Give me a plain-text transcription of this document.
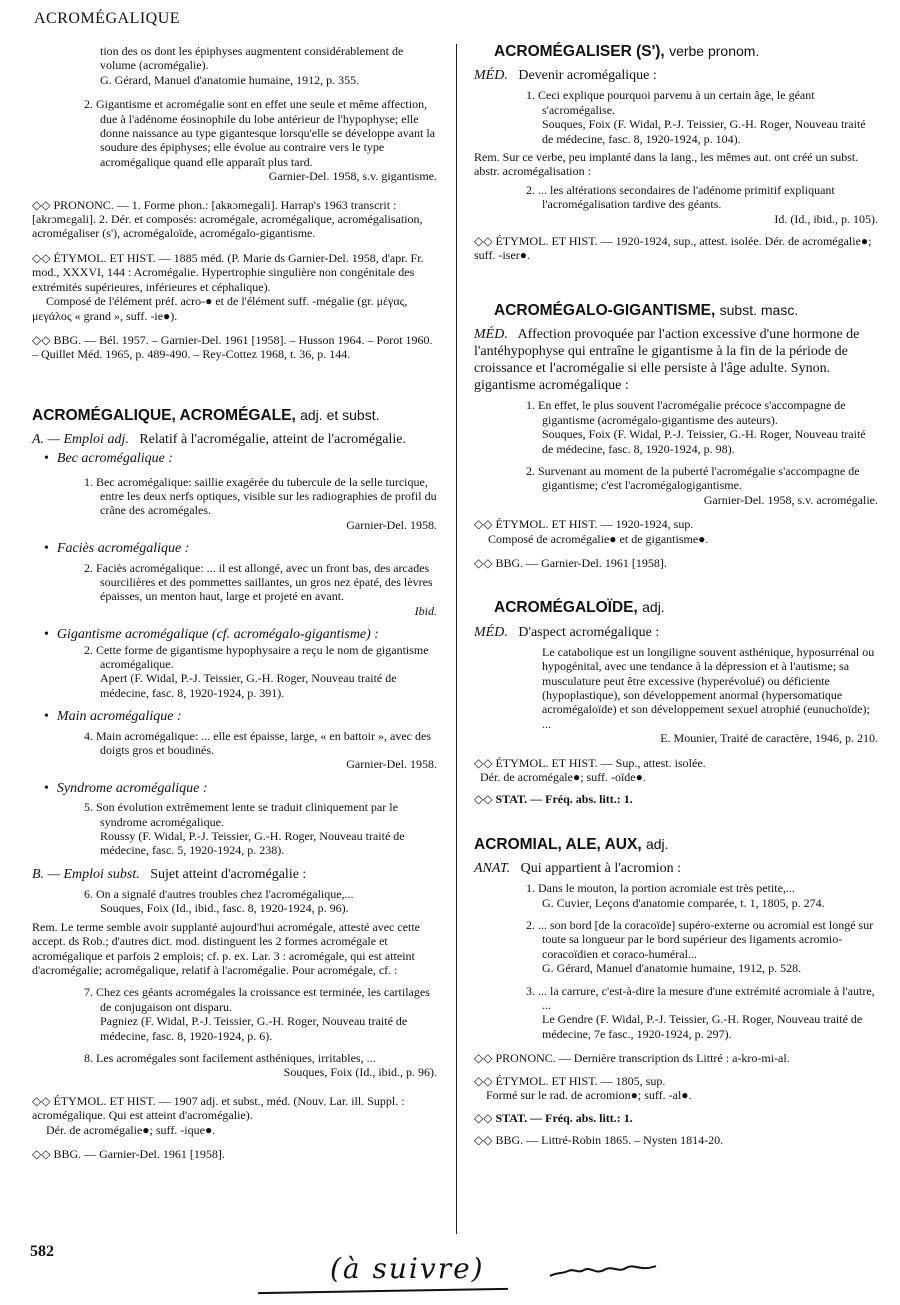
ACROMÉGALIQUE

tion des os dont les épiphyses augmentent considérablement de volume (acromégalie).

G. Gérard, Manuel d'anatomie humaine, 1912, p. 355.

2. Gigantisme et acromégalie sont en effet une seule et même affection, due à l'adénome éosinophile du lobe antérieur de l'hypophyse; elle donne naissance au type gigantesque lorsqu'elle se développe avant la soudure des épiphyses; elle évolue au contraire vers le type acromégalique quand elle apparaît plus tard.

Garnier-Del. 1958, s.v. gigantisme.

◇◇ PRONONC. — 1. Forme phon.: [akʀɔmegali]. Harrap's 1963 transcrit : [akrɔmɛgali]. 2. Dér. et composés: acromégale, acromégalique, acromégalisation, acromégaliser (s'), acromégaloïde, acromégalo-gigantisme.

◇◇ ÉTYMOL. ET HIST. — 1885 méd. (P. Marie ds Garnier-Del. 1958, d'apr. Fr. mod., XXXVI, 144 : Acromégalie. Hypertrophie singulière non congénitale des extrémités supérieures, inférieures et céphalique).

Composé de l'élément préf. acro-● et de l'élément suff. -mégalie (gr. μέγας, μεγάλος « grand », suff. -ie●).

◇◇ BBG. — Bél. 1957. – Garnier-Del. 1961 [1958]. – Husson 1964. – Porot 1960. – Quillet Méd. 1965, p. 489-490. – Rey-Cottez 1968, t. 36, p. 144.

ACROMÉGALIQUE, ACROMÉGALE, adj. et subst.

A. — Emploi adj. Relatif à l'acromégalie, atteint de l'acromégalie.

• Bec acromégalique :

1. Bec acromégalique: saillie exagérée du tubercule de la selle turcique, entre les deux nerfs optiques, visible sur les radiographies de profil du crâne des acromégales.

Garnier-Del. 1958.

• Faciès acromégalique :

2. Faciès acromégalique: ... il est allongé, avec un front bas, des arcades sourcilières et des pommettes saillantes, un gros nez épaté, des lèvres épaisses, un menton haut, large et projeté en avant.

Ibid.

• Gigantisme acromégalique (cf. acromégalo-gigantisme) :

2. Cette forme de gigantisme hypophysaire a reçu le nom de gigantisme acromégalique.

Apert (F. Widal, P.-J. Teissier, G.-H. Roger, Nouveau traité de médecine, fasc. 8, 1920-1924, p. 391).

• Main acromégalique :

4. Main acromégalique: ... elle est épaisse, large, « en battoir », avec des doigts gros et boudinés.

Garnier-Del. 1958.

• Syndrome acromégalique :

5. Son évolution extrêmement lente se traduit cliniquement par le syndrome acromégalique.

Roussy (F. Widal, P.-J. Teissier, G.-H. Roger, Nouveau traité de médecine, fasc. 5, 1920-1924, p. 238).

B. — Emploi subst. Sujet atteint d'acromégalie :

6. On a signalé d'autres troubles chez l'acromégalique,...

Souques, Foix (Id., ibid., fasc. 8, 1920-1924, p. 96).

Rem. Le terme semble avoir supplanté aujourd'hui acromégale, attesté avec cette accept. ds Rob.; d'autres dict. mod. distinguent les 2 formes acromégale et acromégalique et parfois 2 emplois; cf. p. ex. Lar. 3 : acromégale, qui est atteint d'acromégalie; acromégalique, relatif à l'acromégalie. Pour acromégale, cf. :

7. Chez ces géants acromégales la croissance est terminée, les cartilages de conjugaison ont disparu.

Pagniez (F. Widal, P.-J. Teissier, G.-H. Roger, Nouveau traité de médecine, fasc. 8, 1920-1924, p. 6).

8. Les acromégales sont facilement asthéniques, irritables, ...

Souques, Foix (Id., ibid., p. 96).

◇◇ ÉTYMOL. ET HIST. — 1907 adj. et subst., méd. (Nouv. Lar. ill. Suppl. : acromégalique. Qui est atteint d'acromégalie).

Dér. de acromégalie●; suff. -ique●.

◇◇ BBG. — Garnier-Del. 1961 [1958].

ACROMÉGALISER (S'), verbe pronom.

MÉD. Devenir acromégalique :

1. Ceci explique pourquoi parvenu à un certain âge, le géant s'acromégalise.

Souques, Foix (F. Widal, P.-J. Teissier, G.-H. Roger, Nouveau traité de médecine, fasc. 8, 1920-1924, p. 104).

Rem. Sur ce verbe, peu implanté dans la lang., les mêmes aut. ont créé un subst. abstr. acromégalisation :

2. ... les altérations secondaires de l'adénome primitif expliquant l'acromégalisation tardive des géants.

Id. (Id., ibid., p. 105).

◇◇ ÉTYMOL. ET HIST. — 1920-1924, sup., attest. isolée. Dér. de acromégalie●; suff. -iser●.

ACROMÉGALO-GIGANTISME, subst. masc.

MÉD. Affection provoquée par l'action excessive d'une hormone de l'antéhypophyse qui entraîne le gigantisme à la fin de la période de croissance et l'acromégalie si elle persiste à l'âge adulte. Synon. gigantisme acromégalique :

1. En effet, le plus souvent l'acromégalie précoce s'accompagne de gigantisme (acromégalo-gigantisme des auteurs).

Souques, Foix (F. Widal, P.-J. Teissier, G.-H. Roger, Nouveau traité de médecine, fasc. 8, 1920-1924, p. 98).

2. Survenant au moment de la puberté l'acromégalie s'accompagne de gigantisme; c'est l'acromégalogigantisme.

Garnier-Del. 1958, s.v. acromégalie.

◇◇ ÉTYMOL. ET HIST. — 1920-1924, sup.

Composé de acromégalie● et de gigantisme●.

◇◇ BBG. — Garnier-Del. 1961 [1958].

ACROMÉGALOÏDE, adj.

MÉD. D'aspect acromégalique :

Le catabolique est un longiligne souvent asthénique, hyposurrénal ou hypogénital, avec une tendance à la dépression et à l'autisme; sa musculature peut être excessive (hyperévolué) ou déficiente (hypoplastique), son développement anormal (hypersomatique acromégaloïde) et son développement sexuel atrophié (eunuchoïde); ...

E. Mounier, Traité de caractère, 1946, p. 210.

◇◇ ÉTYMOL. ET HIST. — Sup., attest. isolée.

Dér. de acromégale●; suff. -oïde●.

◇◇ STAT. — Fréq. abs. litt.: 1.

ACROMIAL, ALE, AUX, adj.

ANAT. Qui appartient à l'acromion :

1. Dans le mouton, la portion acromiale est très petite,...

G. Cuvier, Leçons d'anatomie comparée, t. 1, 1805, p. 274.

2. ... son bord [de la coracoïde] supéro-externe ou acromial est longé sur toute sa longueur par le bord supérieur des ligaments acromio-coracoïdien et coraco-huméral...

G. Gérard, Manuel d'anatomie humaine, 1912, p. 528.

3. ... la carrure, c'est-à-dire la mesure d'une extrémité acromiale à l'autre, ...

Le Gendre (F. Widal, P.-J. Teissier, G.-H. Roger, Nouveau traité de médecine, 7e fasc., 1920-1924, p. 297).

◇◇ PRONONC. — Dernière transcription ds Littré : a-kro-mi-al.

◇◇ ÉTYMOL. ET HIST. — 1805, sup.

Formé sur le rad. de acromion●; suff. -al●.

◇◇ STAT. — Fréq. abs. litt.: 1.

◇◇ BBG. — Littré-Robin 1865. – Nysten 1814-20.

582
(à suivre)
